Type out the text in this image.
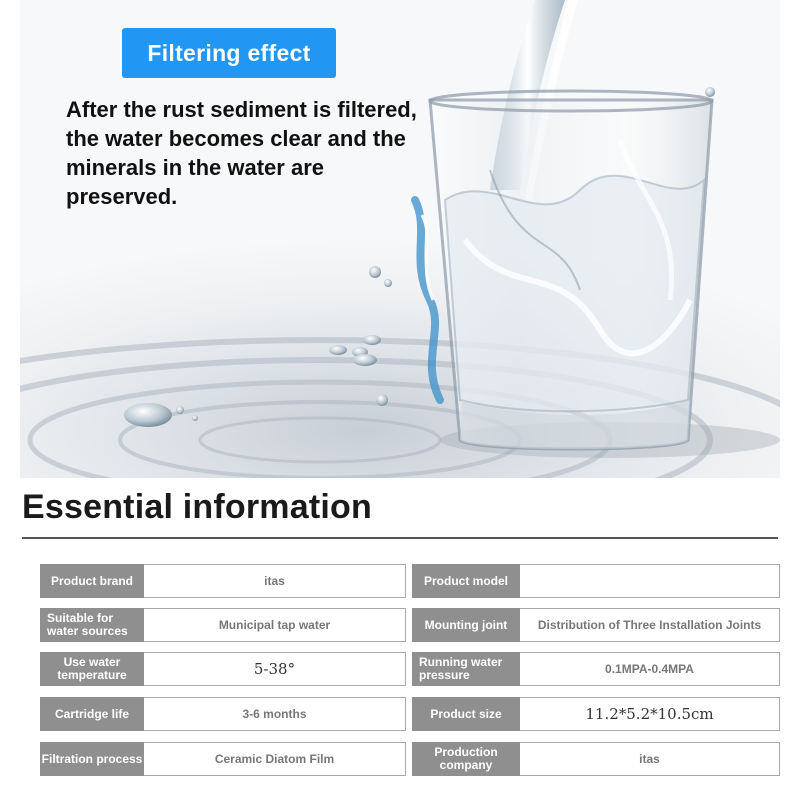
Filtering effect
After the rust sediment is filtered, the water becomes clear and the minerals in the water are preserved.
Essential information
Product brand	itas	Product model
Suitable for water sources	Municipal tap water	Mounting joint	Distribution of Three Installation Joints
Use water temperature	5-38°	Running water pressure	0.1MPA-0.4MPA
Cartridge life	3-6 months	Product size	11.2*5.2*10.5cm
Filtration process	Ceramic Diatom Film	Production company	itas
